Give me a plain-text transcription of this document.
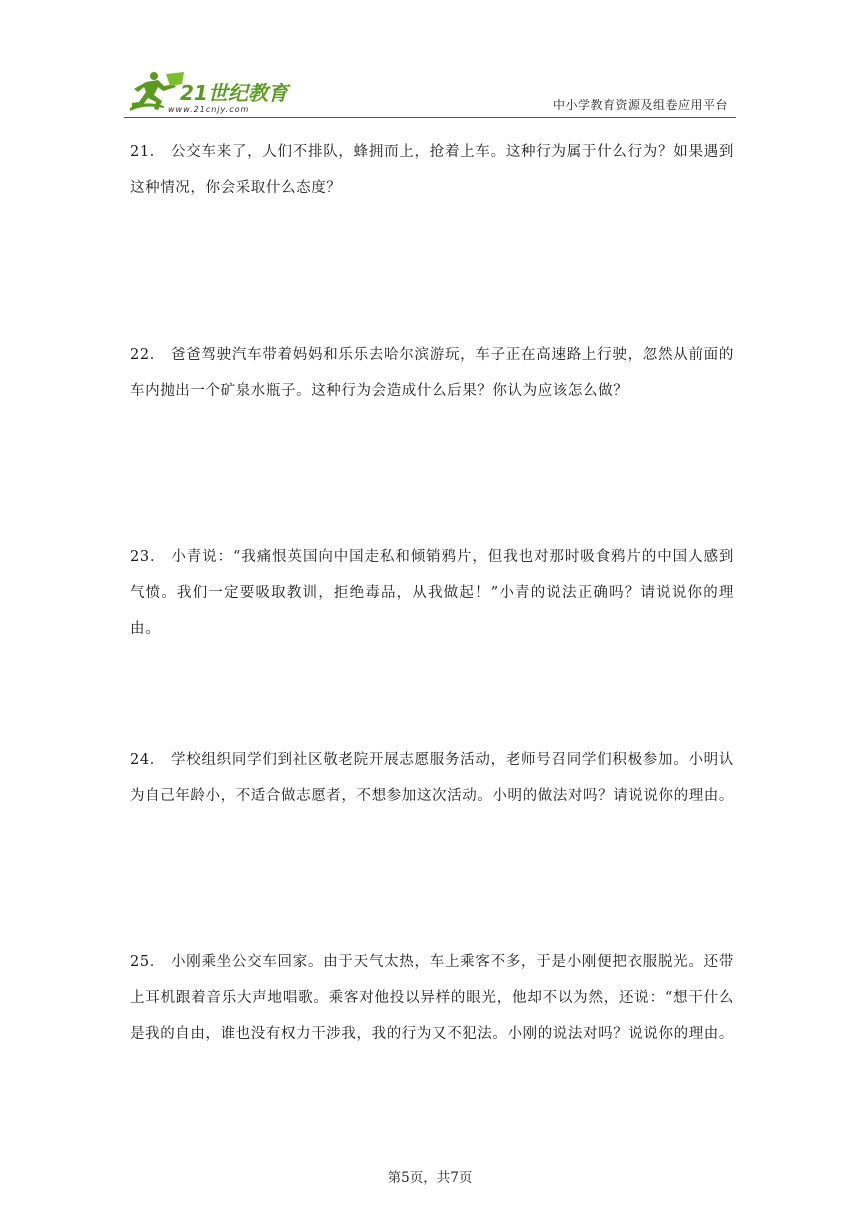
21世纪教育
www.21cnjy.com	中小学教育资源及组卷应用平台
21． 公交车来了，人们不排队，蜂拥而上，抢着上车。这种行为属于什么行为？如果遇到这种情况，你会采取什么态度？
22． 爸爸驾驶汽车带着妈妈和乐乐去哈尔滨游玩，车子正在高速路上行驶，忽然从前面的车内抛出一个矿泉水瓶子。这种行为会造成什么后果？你认为应该怎么做？
23． 小青说：“我痛恨英国向中国走私和倾销鸦片，但我也对那时吸食鸦片的中国人感到气愤。我们一定要吸取教训，拒绝毒品，从我做起！”小青的说法正确吗？请说说你的理由。
24． 学校组织同学们到社区敬老院开展志愿服务活动，老师号召同学们积极参加。小明认为自己年龄小，不适合做志愿者，不想参加这次活动。小明的做法对吗？请说说你的理由。
25． 小刚乘坐公交车回家。由于天气太热，车上乘客不多，于是小刚便把衣服脱光。还带上耳机跟着音乐大声地唱歌。乘客对他投以异样的眼光，他却不以为然，还说：“想干什么是我的自由，谁也没有权力干涉我，我的行为又不犯法。小刚的说法对吗？说说你的理由。
第5页，共7页
